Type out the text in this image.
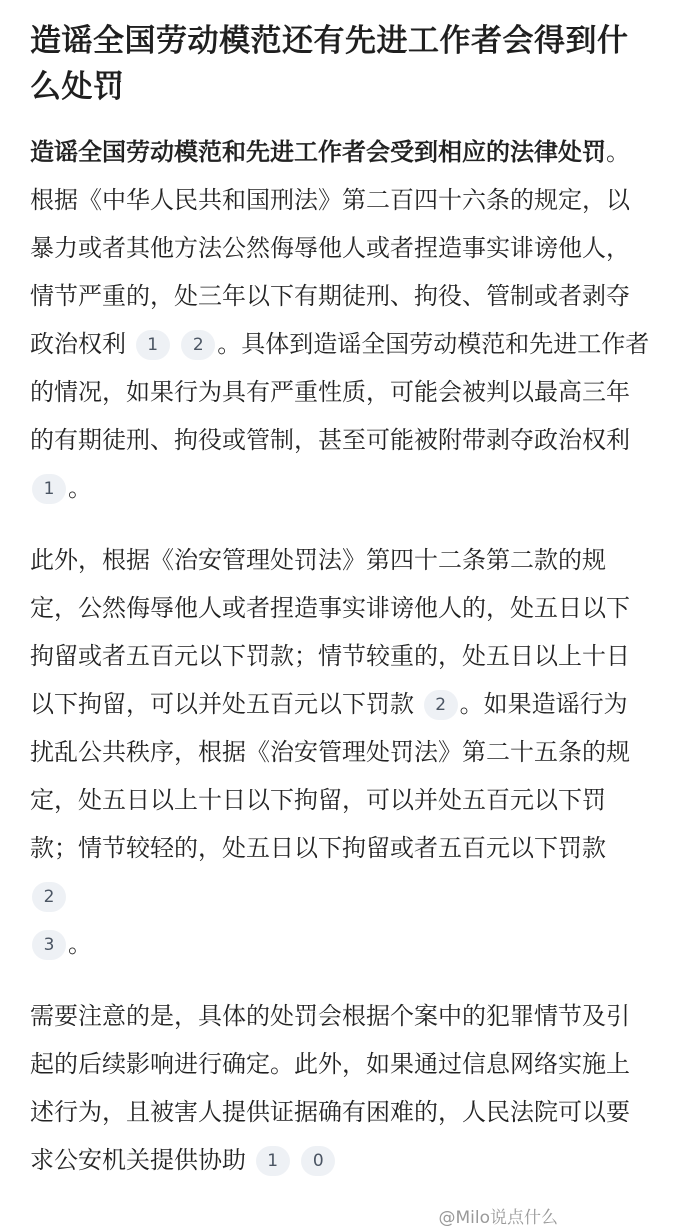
造谣全国劳动模范还有先进工作者会得到什么处罚

造谣全国劳动模范和先进工作者会受到相应的法律处罚。根据《中华人民共和国刑法》第二百四十六条的规定，以暴力或者其他方法公然侮辱他人或者捏造事实诽谤他人，情节严重的，处三年以下有期徒刑、拘役、管制或者剥夺政治权利 1 2 。具体到造谣全国劳动模范和先进工作者的情况，如果行为具有严重性质，可能会被判以最高三年的有期徒刑、拘役或管制，甚至可能被附带剥夺政治权利
1 。

此外，根据《治安管理处罚法》第四十二条第二款的规定，公然侮辱他人或者捏造事实诽谤他人的，处五日以下拘留或者五百元以下罚款；情节较重的，处五日以上十日以下拘留，可以并处五百元以下罚款 2 。如果造谣行为扰乱公共秩序，根据《治安管理处罚法》第二十五条的规定，处五日以上十日以下拘留，可以并处五百元以下罚款；情节较轻的，处五日以下拘留或者五百元以下罚款 2
3 。

需要注意的是，具体的处罚会根据个案中的犯罪情节及引起的后续影响进行确定。此外，如果通过信息网络实施上述行为，且被害人提供证据确有困难的，人民法院可以要求公安机关提供协助 1 0

@Milo说点什么
